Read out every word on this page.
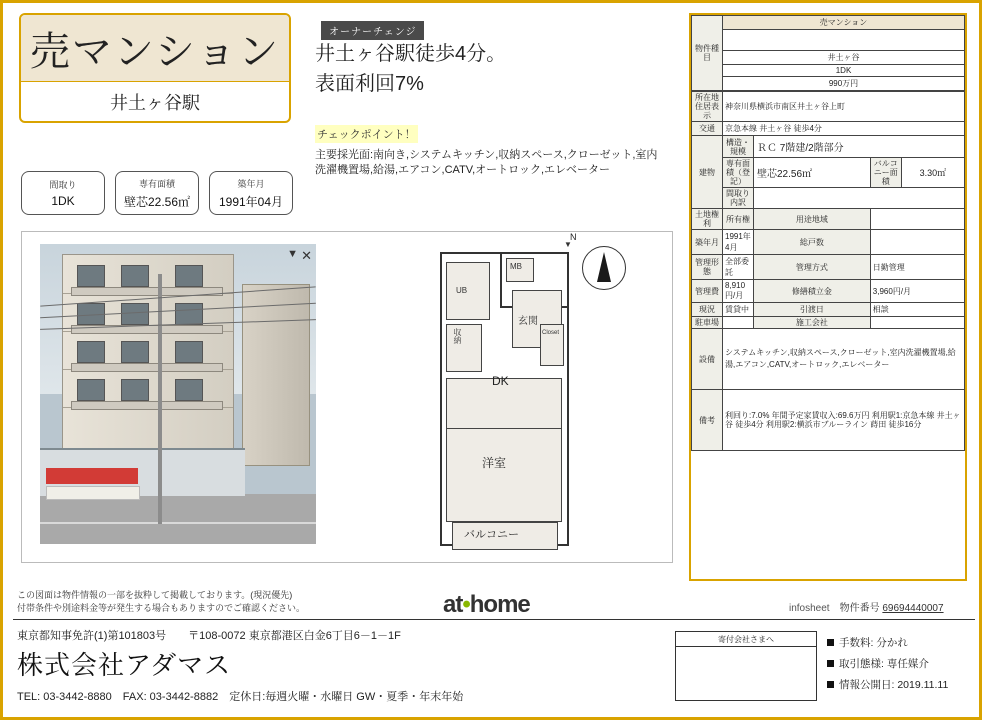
売マンション
井土ヶ谷駅
オーナーチェンジ
井土ヶ谷駅徒歩4分。
表面利回7%
チェックポイント！
主要採光面:南向き,システムキッチン,収納スペース,クローゼット,室内洗濯機置場,給湯,エアコン,CATV,オートロック,エレベーター
間取り
1DK
専有面積
壁芯22.56㎡
築年月
1991年04月
▼ ✕
N
▼
UB
MB
玄関
収納	Closet
DK
洋室
バルコニー
物件種目
	売マンション

井土ヶ谷
1DK
990万円
所在地住居表示	神奈川県横浜市南区井土ヶ谷上町			
交通	京急本線 井土ヶ谷 徒歩4分			
建物	構造・規模	ＲＣ 7階建/2階部分		
	専有面積（登記）	壁芯22.56㎡	バルコニー面積	3.30㎡
	間取り内訳			
土地権利	所有権	用途地域		
築年月	1991年4月	総戸数		
管理形態	全部委託	管理方式	日勤管理	
管理費	8,910円/月	修繕積立金	3,960円/月	
現況	賃貸中	引渡日	相談	
駐車場		施工会社		
設備	システムキッチン,収納スペース,クローゼット,室内洗濯機置場,給湯,エアコン,CATV,オートロック,エレベーター			
備考	利回り:7.0% 年間予定家賃収入:69.6万円 利用駅1:京急本線 井土ヶ谷 徒歩4分 利用駅2:横浜市ブルーライン 蒔田 徒歩16分			
この図面は物件情報の一部を抜粋して掲載しております。(現況優先)
付帯条件や別途料金等が発生する場合もありますのでご確認ください。	at•home	infosheet 物件番号 69694440007
東京都知事免許(1)第101803号　　〒108-0072 東京都港区白金6丁目6－1－1F
株式会社アダマス
TEL: 03-3442-8880　FAX: 03-3442-8882　定休日:毎週火曜・水曜日 GW・夏季・年末年始
寄付会社さまへ	手数料: 分かれ
取引態様: 専任媒介
情報公開日: 2019.11.11
